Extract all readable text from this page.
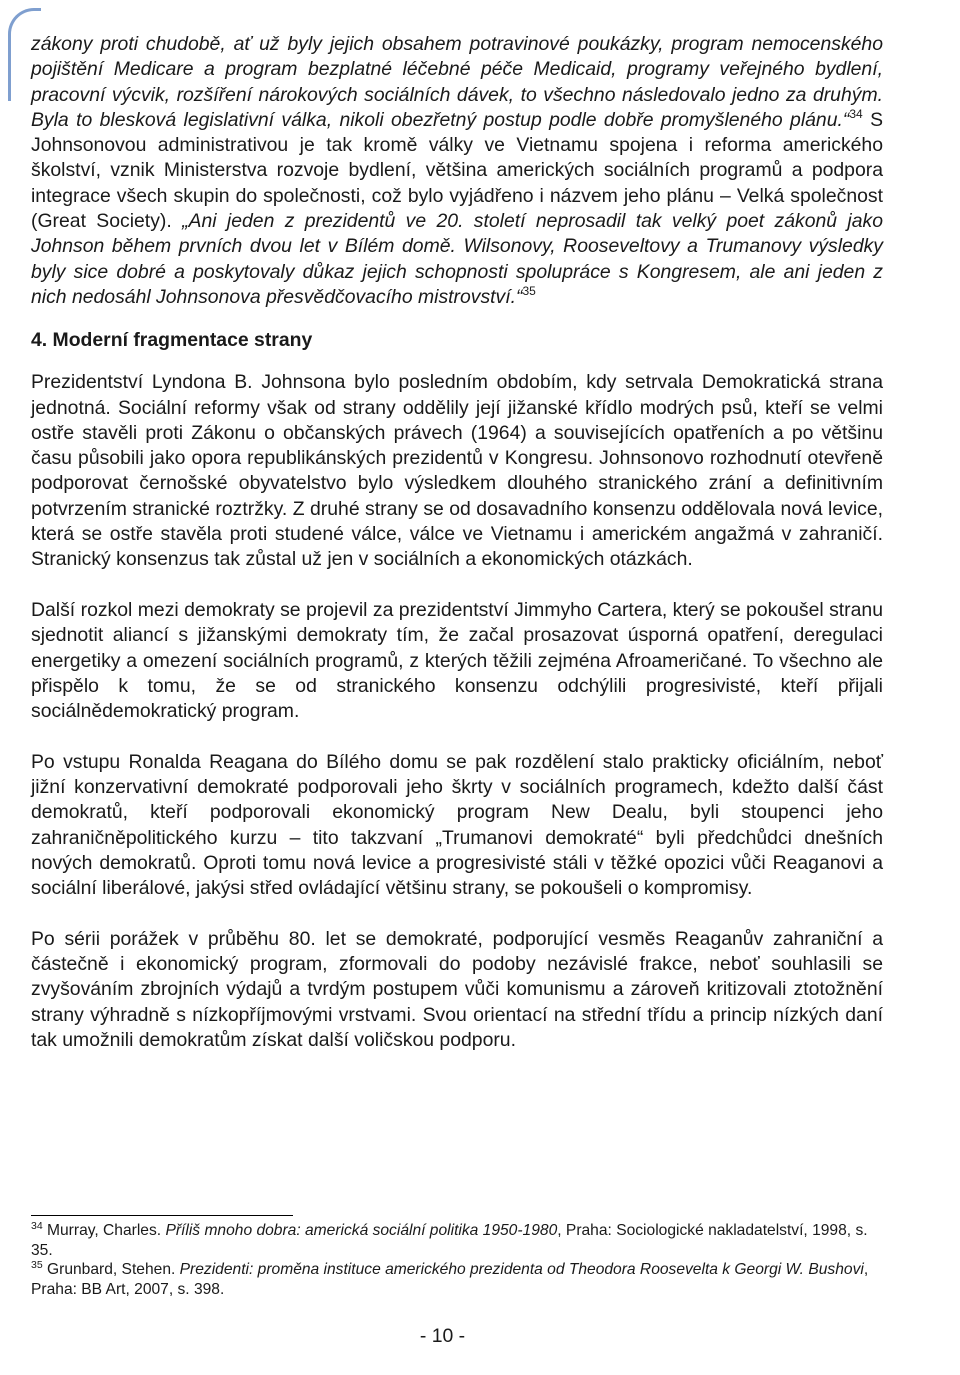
zákony proti chudobě, ať už byly jejich obsahem potravinové poukázky, program nemocenského pojištění Medicare a program bezplatné léčebné péče Medicaid, programy veřejného bydlení, pracovní výcvik, rozšíření nárokových sociálních dávek, to všechno následovalo jedno za druhým. Byla to blesková legislativní válka, nikoli obezřetný postup podle dobře promyšleného plánu.“$^{34}$ S Johnsonovou administrativou je tak kromě války ve Vietnamu spojena i reforma amerického školství, vznik Ministerstva rozvoje bydlení, většina amerických sociálních programů a podpora integrace všech skupin do společnosti, což bylo vyjádřeno i názvem jeho plánu – Velká společnost (Great Society). „Ani jeden z prezidentů ve 20. století neprosadil tak velký poet zákonů jako Johnson během prvních dvou let v Bílém domě. Wilsonovy, Rooseveltovy a Trumanovy výsledky byly sice dobré a poskytovaly důkaz jejich schopnosti spolupráce s Kongresem, ale ani jeden z nich nedosáhl Johnsonova přesvědčovacího mistrovství.“$^{35}$

4. Moderní fragmentace strany

Prezidentství Lyndona B. Johnsona bylo posledním obdobím, kdy setrvala Demokratická strana jednotná. Sociální reformy však od strany oddělily její jižanské křídlo modrých psů, kteří se velmi ostře stavěli proti Zákonu o občanských právech (1964) a souvisejících opatřeních a po většinu času působili jako opora republikánských prezidentů v Kongresu. Johnsonovo rozhodnutí otevřeně podporovat černošské obyvatelstvo bylo výsledkem dlouhého stranického zrání a definitivním potvrzením stranické roztržky. Z druhé strany se od dosavadního konsenzu oddělovala nová levice, která se ostře stavěla proti studené válce, válce ve Vietnamu i americkém angažmá v zahraničí. Stranický konsenzus tak zůstal už jen v sociálních a ekonomických otázkách.

Další rozkol mezi demokraty se projevil za prezidentství Jimmyho Cartera, který se pokoušel stranu sjednotit aliancí s jižanskými demokraty tím, že začal prosazovat úsporná opatření, deregulaci energetiky a omezení sociálních programů, z kterých těžili zejména Afroameričané. To všechno ale přispělo k tomu, že se od stranického konsenzu odchýlili progresivisté, kteří přijali sociálnědemokratický program.

Po vstupu Ronalda Reagana do Bílého domu se pak rozdělení stalo prakticky oficiálním, neboť jižní konzervativní demokraté podporovali jeho škrty v sociálních programech, kdežto další část demokratů, kteří podporovali ekonomický program New Dealu, byli stoupenci jeho zahraničněpolitického kurzu – tito takzvaní „Trumanovi demokraté“ byli předchůdci dnešních nových demokratů. Oproti tomu nová levice a progresivisté stáli v těžké opozici vůči Reaganovi a sociální liberálové, jakýsi střed ovládající většinu strany, se pokoušeli o kompromisy.

Po sérii porážek v průběhu 80. let se demokraté, podporující vesměs Reaganův zahraniční a částečně i ekonomický program, zformovali do podoby nezávislé frakce, neboť souhlasili se zvyšováním zbrojních výdajů a tvrdým postupem vůči komunismu a zároveň kritizovali ztotožnění strany výhradně s nízkopříjmovými vrstvami. Svou orientací na střední třídu a princip nízkých daní tak umožnili demokratům získat další voličskou podporu.

$^{34}$ Murray, Charles. Příliš mnoho dobra: americká sociální politika 1950-1980, Praha: Sociologické nakladatelství, 1998, s. 35.

$^{35}$ Grunbard, Stehen. Prezidenti: proměna instituce amerického prezidenta od Theodora Roosevelta k Georgi W. Bushovi, Praha: BB Art, 2007, s. 398.

- 10 -
